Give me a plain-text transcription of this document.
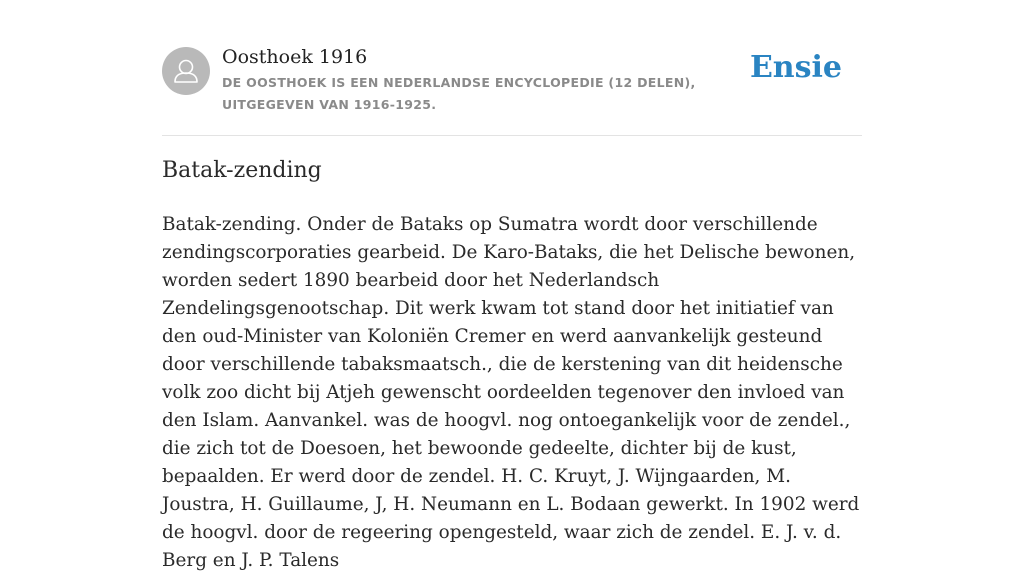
Oosthoek 1916
DE OOSTHOEK IS EEN NEDERLANDSE ENCYCLOPEDIE (12 DELEN), UITGEGEVEN VAN 1916-1925.
Ensie
Batak-zending

Batak-zending. Onder de Bataks op Sumatra wordt door verschillende zendingscorporaties gearbeid. De Karo-Bataks, die het Delische bewonen, worden sedert 1890 bearbeid door het Nederlandsch Zendelingsgenootschap. Dit werk kwam tot stand door het initiatief van den oud-Minister van Koloniën Cremer en werd aanvankelijk gesteund door verschillende tabaksmaatsch., die de kerstening van dit heidensche volk zoo dicht bij Atjeh gewenscht oordeelden tegenover den invloed van den Islam. Aanvankel. was de hoogvl. nog ontoegankelijk voor de zendel., die zich tot de Doesoen, het bewoonde gedeelte, dichter bij de kust, bepaalden. Er werd door de zendel. H. C. Kruyt, J. Wijngaarden, M. Joustra, H. Guillaume, J, H. Neumann en L. Bodaan gewerkt. In 1902 werd de hoogvl. door de regeering opengesteld, waar zich de zendel. E. J. v. d. Berg en J. P. Talens
